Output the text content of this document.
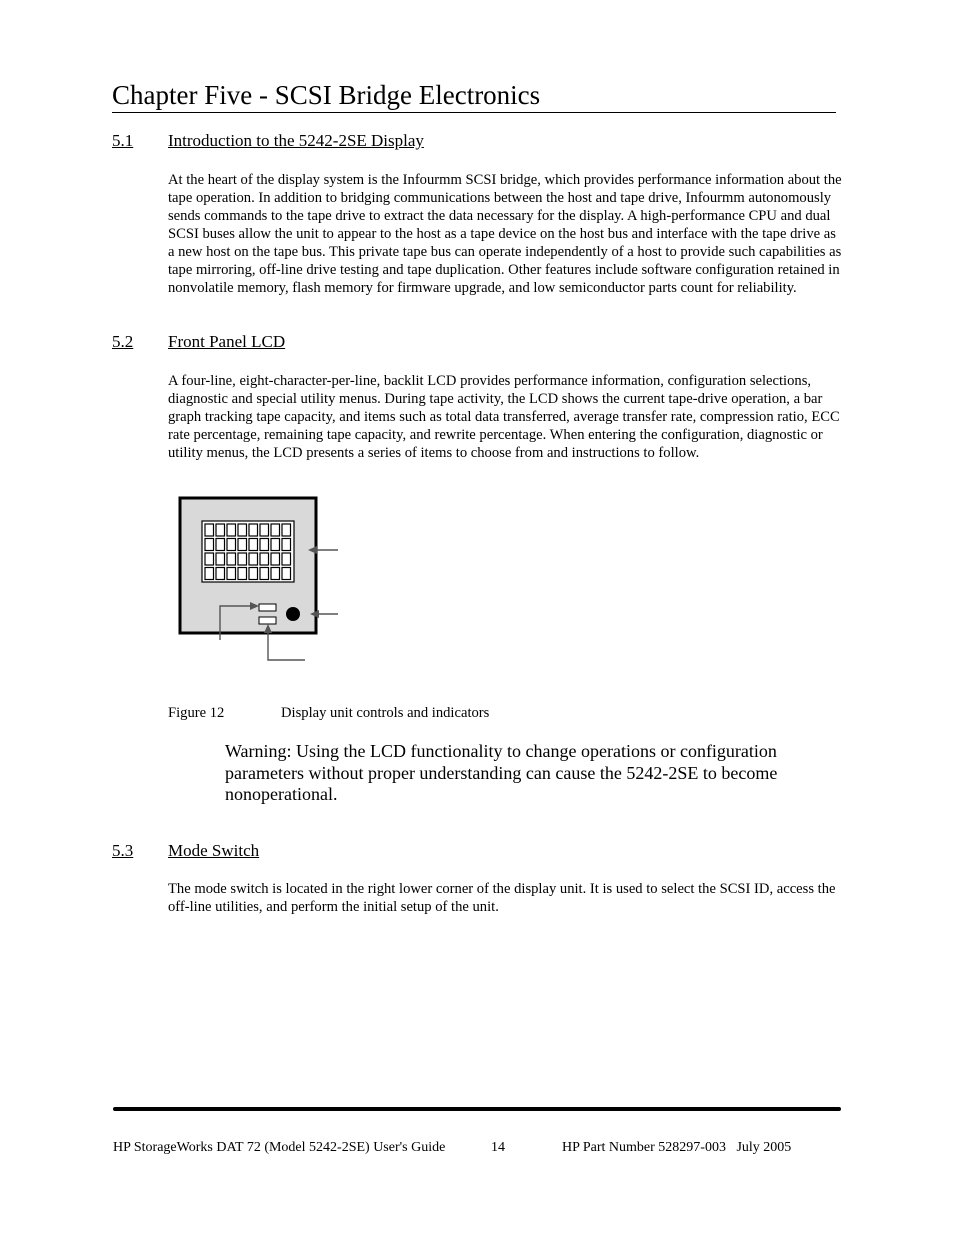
Chapter Five - SCSI Bridge Electronics
5.1 Introduction to the 5242-2SE Display
At the heart of the display system is the Infourmm SCSI bridge, which provides performance information about the tape operation. In addition to bridging communications between the host and tape drive, Infourmm autonomously sends commands to the tape drive to extract the data necessary for the display. A high-performance CPU and dual SCSI buses allow the unit to appear to the host as a tape device on the host bus and interface with the tape drive as a new host on the tape bus. This private tape bus can operate independently of a host to provide such capabilities as tape mirroring, off-line drive testing and tape duplication. Other features include software configuration retained in nonvolatile memory, flash memory for firmware upgrade, and low semiconductor parts count for reliability.
5.2 Front Panel LCD
A four-line, eight-character-per-line, backlit LCD provides performance information, configuration selections, diagnostic and special utility menus. During tape activity, the LCD shows the current tape-drive operation, a bar graph tracking tape capacity, and items such as total data transferred, average transfer rate, compression ratio, ECC rate percentage, remaining tape capacity, and rewrite percentage. When entering the configuration, diagnostic or utility menus, the LCD presents a series of items to choose from and instructions to follow.
Figure 12	Display unit controls and indicators
Warning: Using the LCD functionality to change operations or configuration parameters without proper understanding can cause the 5242-2SE to become nonoperational.
5.3 Mode Switch
The mode switch is located in the right lower corner of the display unit. It is used to select the SCSI ID, access the off-line utilities, and perform the initial setup of the unit.
HP StorageWorks DAT 72 (Model 5242-2SE) User's Guide	14	HP Part Number 528297-003   July 2005
